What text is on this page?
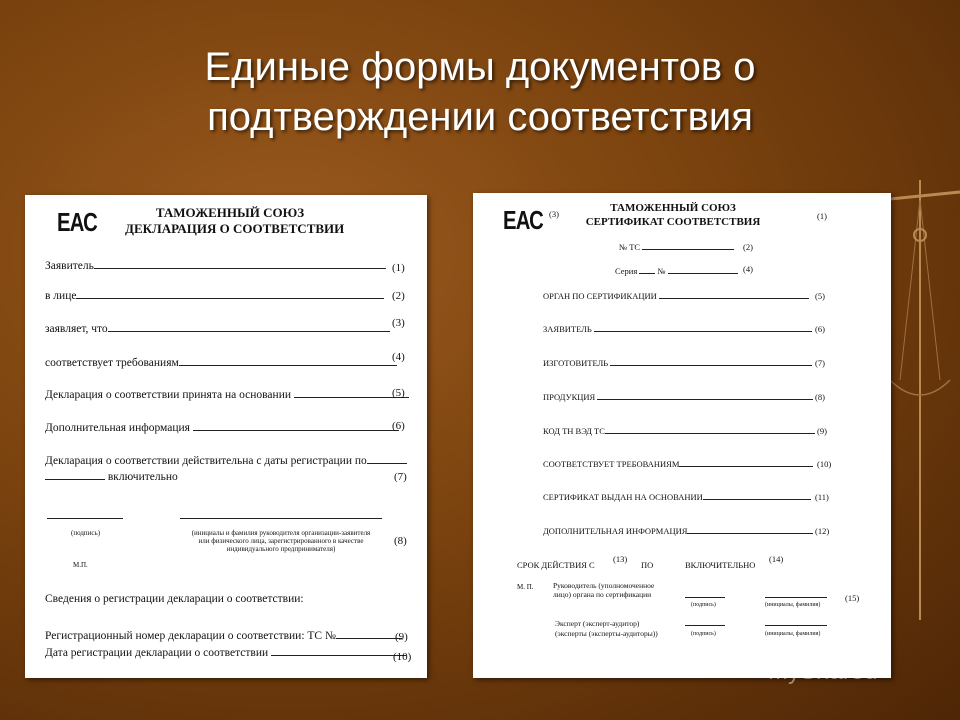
Единые формы документов о
подтверждении соответствия
ЕАС	ТАМОЖЕННЫЙ СОЮЗ
ДЕКЛАРАЦИЯ О СООТВЕТСТВИИ
Заявитель	(1)
в лице	(2)
заявляет, что	(3)
соответствует требованиям	(4)
Декларация о соответствии принята на основании	(5)
Дополнительная информация	(6)
Декларация о соответствии действительна с даты регистрации по
включительно	(7)
(подпись)	(инициалы и фамилия руководителя организации-заявителя
или физического лица, зарегистрированного в качестве
индивидуального предпринимателя)
(8)
М.П.
Сведения о регистрации декларации о соответствии:
Регистрационный номер декларации о соответствии: ТС №	(9)
Дата регистрации декларации о соответствии	(10)
ЕАС (3)	ТАМОЖЕННЫЙ СОЮЗ
СЕРТИФИКАТ СООТВЕТСТВИЯ	(1)
№ ТС	(2)
Серия №	(4)
ОРГАН ПО СЕРТИФИКАЦИИ	(5)
ЗАЯВИТЕЛЬ	(6)
ИЗГОТОВИТЕЛЬ	(7)
ПРОДУКЦИЯ	(8)
КОД ТН ВЭД ТС	(9)
СООТВЕТСТВУЕТ ТРЕБОВАНИЯМ	(10)
СЕРТИФИКАТ ВЫДАН НА ОСНОВАНИИ	(11)
ДОПОЛНИТЕЛЬНАЯ ИНФОРМАЦИЯ	(12)
СРОК ДЕЙСТВИЯ С
(13)
ПО	ВКЛЮЧИТЕЛЬНО
(14)
М. П.	Руководитель (уполномоченное
лицо) органа по сертификации
(подпись)	(инициалы, фамилия)
(15)
Эксперт (эксперт-аудитор)
(эксперты (эксперты-аудиторы))	(подпись)	(инициалы, фамилия)
MyShared
